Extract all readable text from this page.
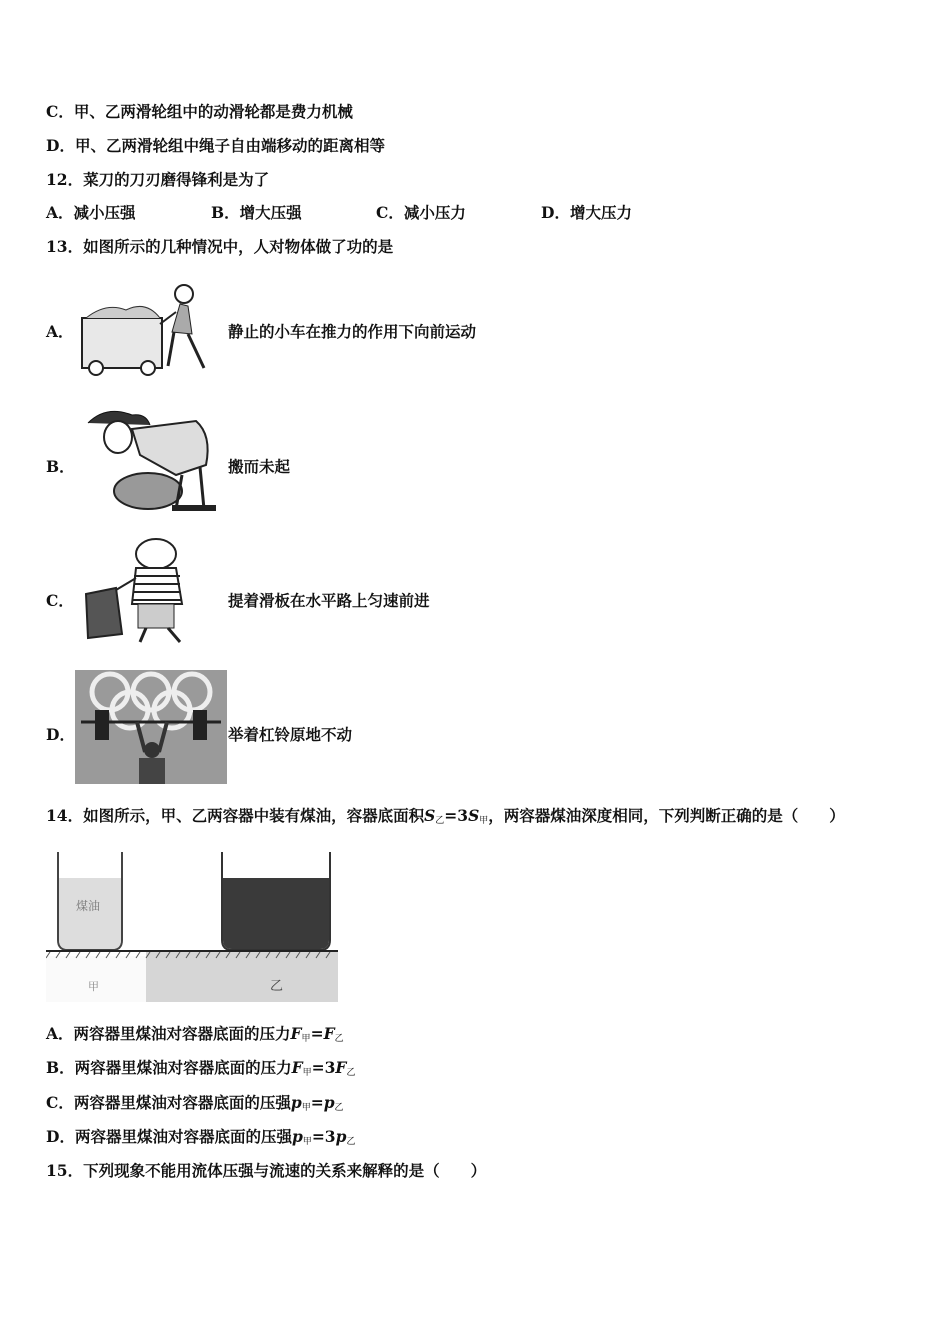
C．甲、乙两滑轮组中的动滑轮都是费力机械
D．甲、乙两滑轮组中绳子自由端移动的距离相等
12．菜刀的刀刃磨得锋利是为了
A．减小压强	B．增大压强	C．减小压力	D．增大压力
13．如图所示的几种情况中，人对物体做了功的是
A．	静止的小车在推力的作用下向前运动
B．	搬而未起
C．	提着滑板在水平路上匀速前进
D．	举着杠铃原地不动
14．如图所示，甲、乙两容器中装有煤油，容器底面积$S_乙=3S_甲$，两容器煤油深度相同，下列判断正确的是（　　）
煤油
甲	乙
A．两容器里煤油对容器底面的压力$F_甲=F_乙$
B．两容器里煤油对容器底面的压力$F_甲=3F_乙$
C．两容器里煤油对容器底面的压强$p_甲=p_乙$
D．两容器里煤油对容器底面的压强$p_甲=3p_乙$
15．下列现象不能用流体压强与流速的关系来解释的是（　　）
